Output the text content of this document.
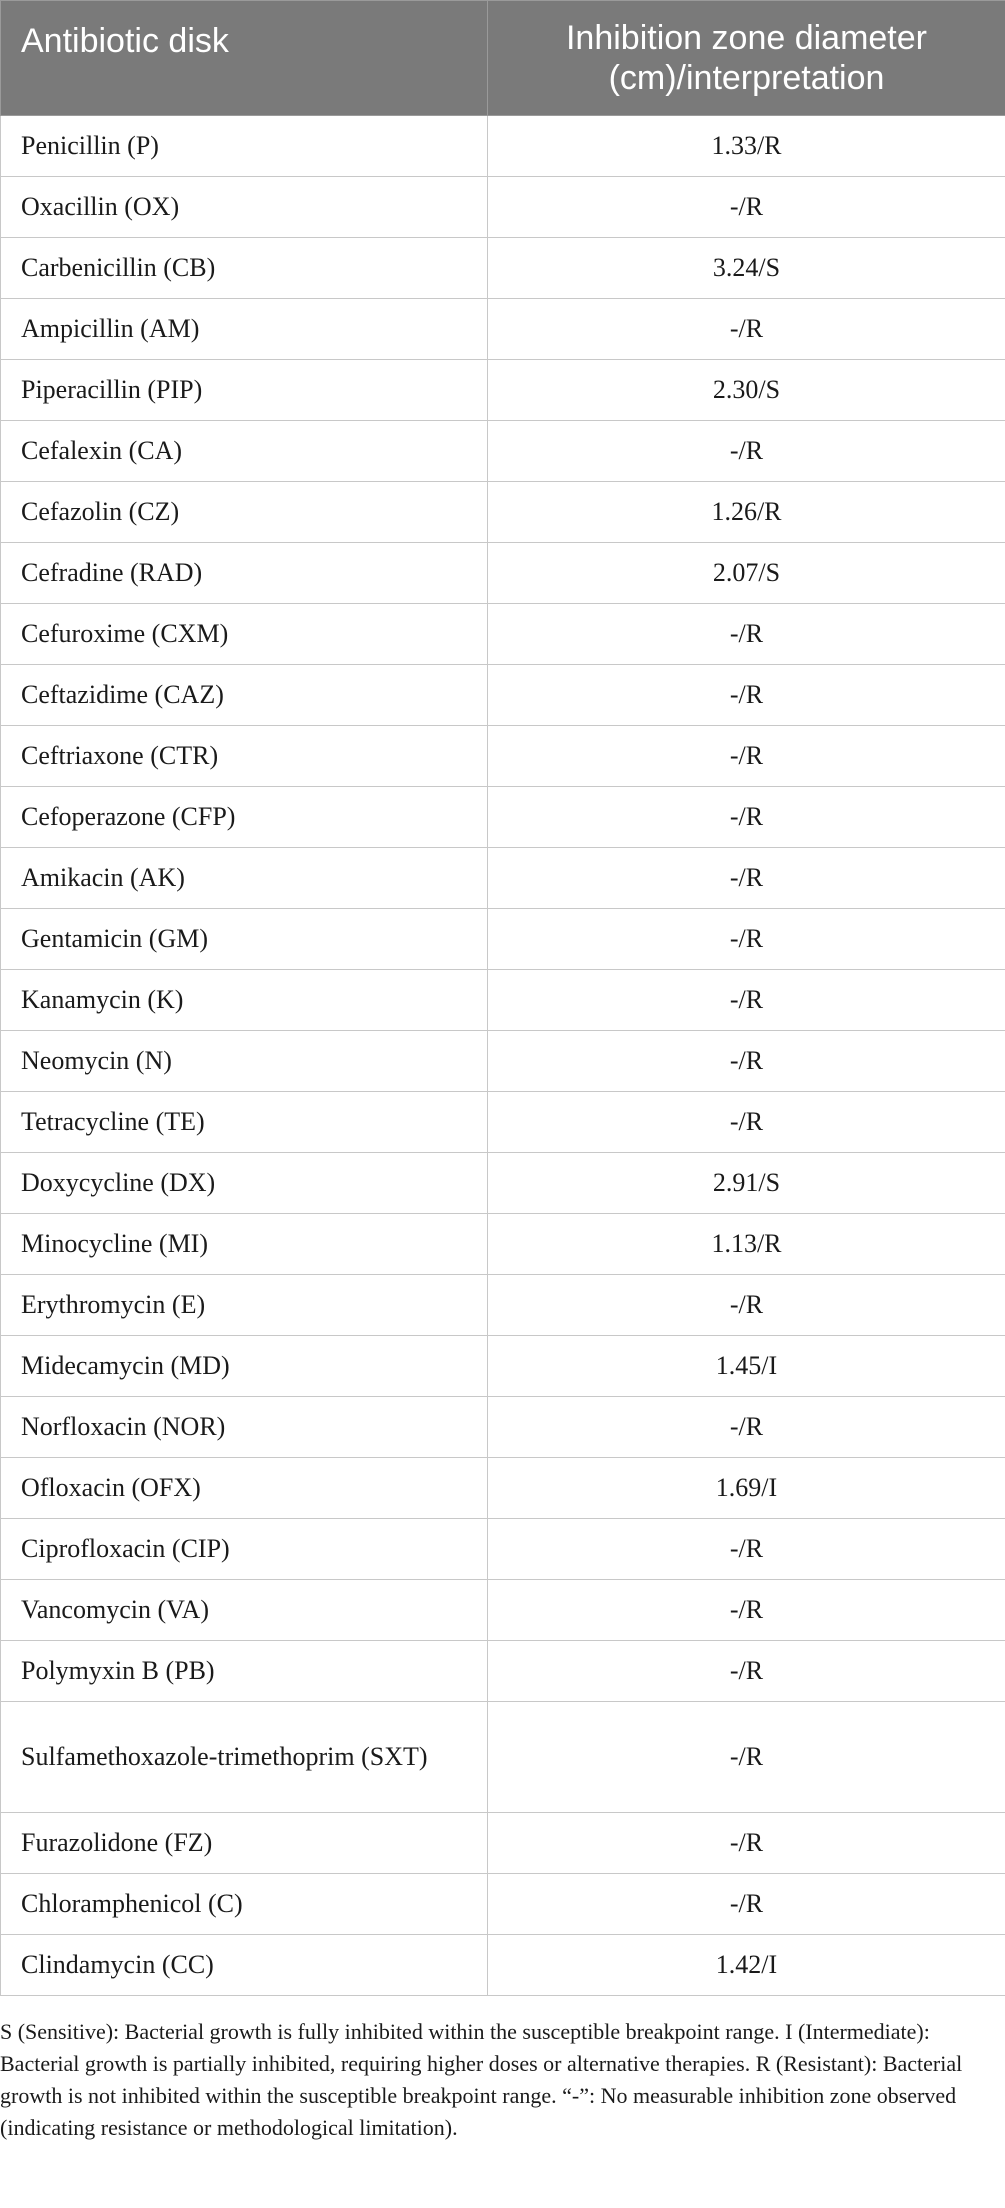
Antibiotic disk	Inhibition zone diameter (cm)/interpretation
Penicillin (P)	1.33/R
Oxacillin (OX)	-/R
Carbenicillin (CB)	3.24/S
Ampicillin (AM)	-/R
Piperacillin (PIP)	2.30/S
Cefalexin (CA)	-/R
Cefazolin (CZ)	1.26/R
Cefradine (RAD)	2.07/S
Cefuroxime (CXM)	-/R
Ceftazidime (CAZ)	-/R
Ceftriaxone (CTR)	-/R
Cefoperazone (CFP)	-/R
Amikacin (AK)	-/R
Gentamicin (GM)	-/R
Kanamycin (K)	-/R
Neomycin (N)	-/R
Tetracycline (TE)	-/R
Doxycycline (DX)	2.91/S
Minocycline (MI)	1.13/R
Erythromycin (E)	-/R
Midecamycin (MD)	1.45/I
Norfloxacin (NOR)	-/R
Ofloxacin (OFX)	1.69/I
Ciprofloxacin (CIP)	-/R
Vancomycin (VA)	-/R
Polymyxin B (PB)	-/R
Sulfamethoxazole-trimethoprim (SXT)	-/R
Furazolidone (FZ)	-/R
Chloramphenicol (C)	-/R
Clindamycin (CC)	1.42/I

S (Sensitive): Bacterial growth is fully inhibited within the susceptible breakpoint range. I (Intermediate): Bacterial growth is partially inhibited, requiring higher doses or alternative therapies. R (Resistant): Bacterial growth is not inhibited within the susceptible breakpoint range. “-”: No measurable inhibition zone observed (indicating resistance or methodological limitation).
